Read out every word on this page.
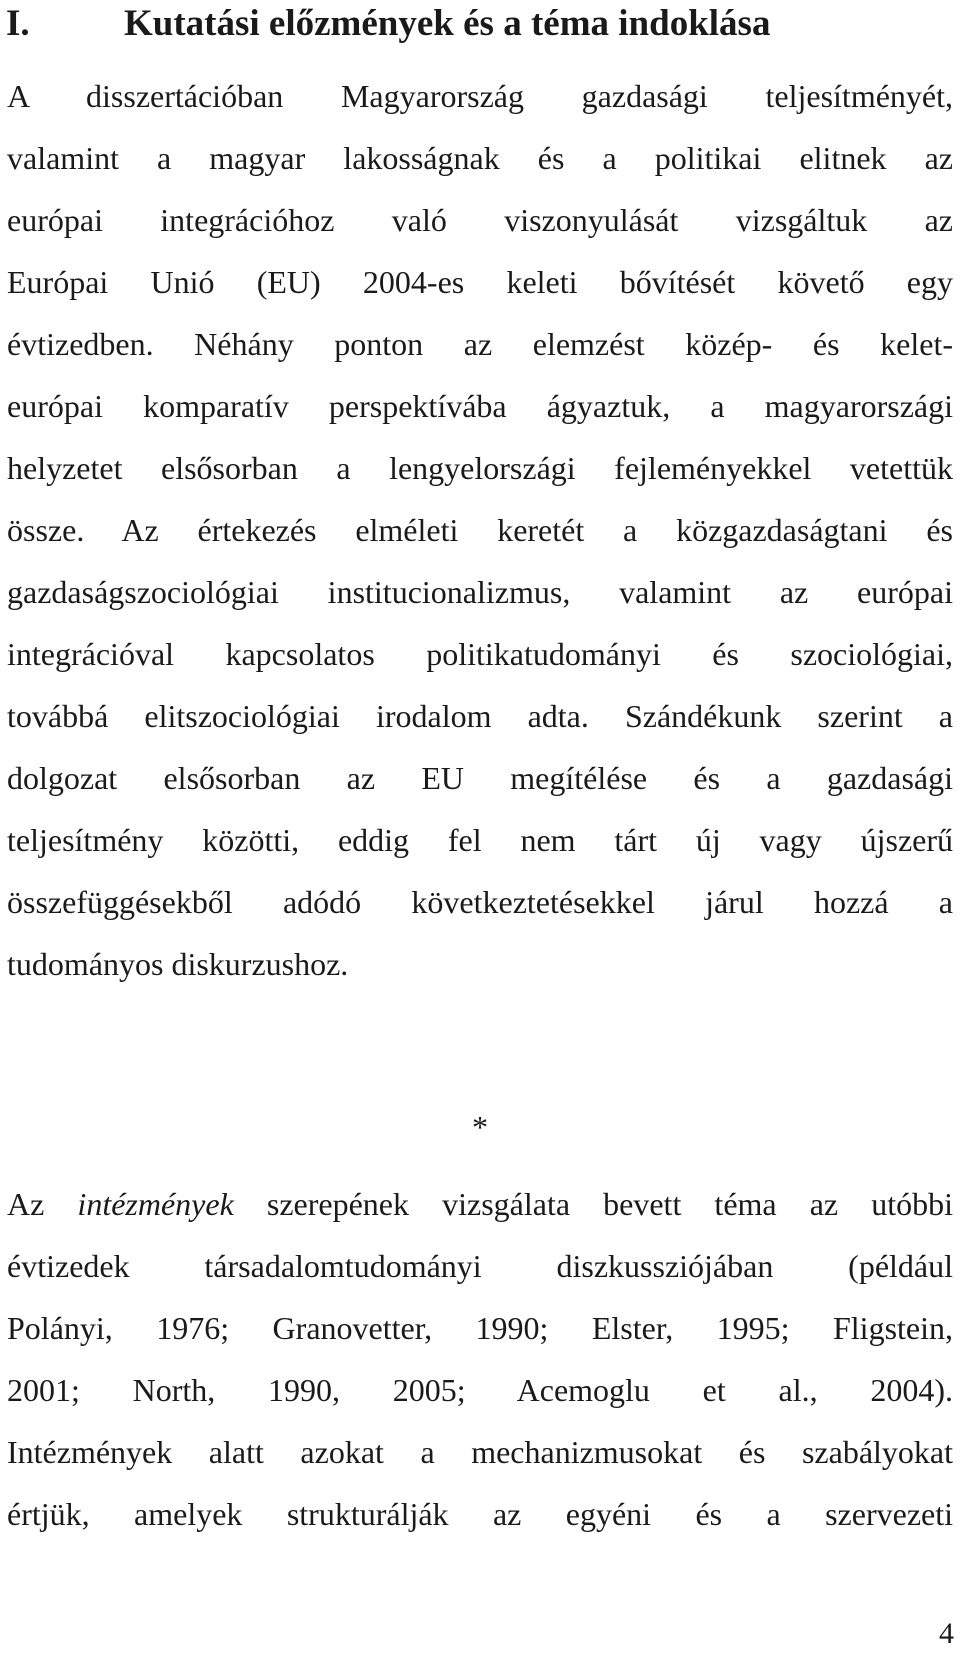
I.	Kutatási előzmények és a téma indoklása
A disszertációban Magyarország gazdasági teljesítményét,
valamint a magyar lakosságnak és a politikai elitnek az
európai integrációhoz való viszonyulását vizsgáltuk az
Európai Unió (EU) 2004-es keleti bővítését követő egy
évtizedben. Néhány ponton az elemzést közép- és kelet-
európai komparatív perspektívába ágyaztuk, a magyarországi
helyzetet elsősorban a lengyelországi fejleményekkel vetettük
össze. Az értekezés elméleti keretét a közgazdaságtani és
gazdaságszociológiai institucionalizmus, valamint az európai
integrációval kapcsolatos politikatudományi és szociológiai,
továbbá elitszociológiai irodalom adta. Szándékunk szerint a
dolgozat elsősorban az EU megítélése és a gazdasági
teljesítmény közötti, eddig fel nem tárt új vagy újszerű
összefüggésekből adódó következtetésekkel járul hozzá a
tudományos diskurzushoz.
*
Az intézmények szerepének vizsgálata bevett téma az utóbbi
évtizedek társadalomtudományi diszkussziójában (például
Polányi, 1976; Granovetter, 1990; Elster, 1995; Fligstein,
2001; North, 1990, 2005; Acemoglu et al., 2004).
Intézmények alatt azokat a mechanizmusokat és szabályokat
értjük, amelyek strukturálják az egyéni és a szervezeti
4
